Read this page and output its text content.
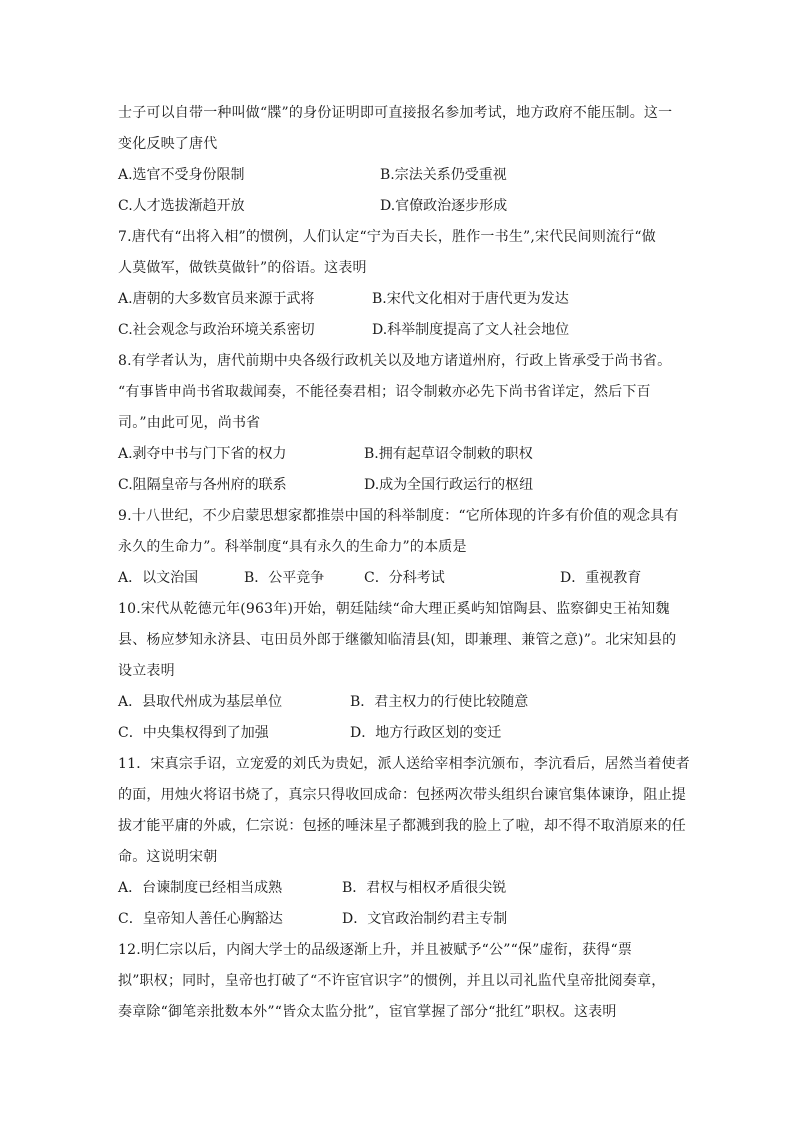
士子可以自带一种叫做“牒”的身份证明即可直接报名参加考试，地方政府不能压制。这一
变化反映了唐代
A.选官不受身份限制	B.宗法关系仍受重视
C.人才选拔渐趋开放	D.官僚政治逐步形成
7.唐代有“出将入相”的惯例，人们认定“宁为百夫长，胜作一书生”,宋代民间则流行“做
人莫做军，做铁莫做针”的俗语。这表明
A.唐朝的大多数官员来源于武将	B.宋代文化相对于唐代更为发达
C.社会观念与政治环境关系密切	D.科举制度提高了文人社会地位
8.有学者认为，唐代前期中央各级行政机关以及地方诸道州府，行政上皆承受于尚书省。
“有事皆申尚书省取裁闻奏，不能径奏君相；诏令制敕亦必先下尚书省详定，然后下百
司。”由此可见，尚书省
A.剥夺中书与门下省的权力	B.拥有起草诏令制敕的职权
C.阻隔皇帝与各州府的联系	D.成为全国行政运行的枢纽
9.十八世纪，不少启蒙思想家都推崇中国的科举制度：“它所体现的许多有价值的观念具有
永久的生命力”。科举制度“具有永久的生命力”的本质是
A．以文治国	B．公平竞争	C．分科考试	D．重视教育
10.宋代从乾德元年(963年)开始，朝廷陆续“命大理正奚屿知馆陶县、监察御史王祐知魏
县、杨应梦知永济县、屯田员外郎于继徽知临清县(知，即兼理、兼管之意)”。北宋知县的
设立表明
A．县取代州成为基层单位	B．君主权力的行使比较随意
C．中央集权得到了加强	D．地方行政区划的变迁
11．宋真宗手诏，立宠爱的刘氏为贵妃，派人送给宰相李沆颁布，李沆看后，居然当着使者
的面，用烛火将诏书烧了，真宗只得收回成命：包拯两次带头组织台谏官集体谏诤，阻止提
拔才能平庸的外戚，仁宗说：包拯的唾沫星子都溅到我的脸上了啦，却不得不取消原来的任
命。这说明宋朝
A．台谏制度已经相当成熟	B．君权与相权矛盾很尖锐
C．皇帝知人善任心胸豁达	D．文官政治制约君主专制
12.明仁宗以后，内阁大学士的品级逐渐上升，并且被赋予“公”“保”虚衔，获得“票
拟”职权；同时，皇帝也打破了“不许宦官识字”的惯例，并且以司礼监代皇帝批阅奏章，
奏章除“御笔亲批数本外”“皆众太监分批”，宦官掌握了部分“批红”职权。这表明
